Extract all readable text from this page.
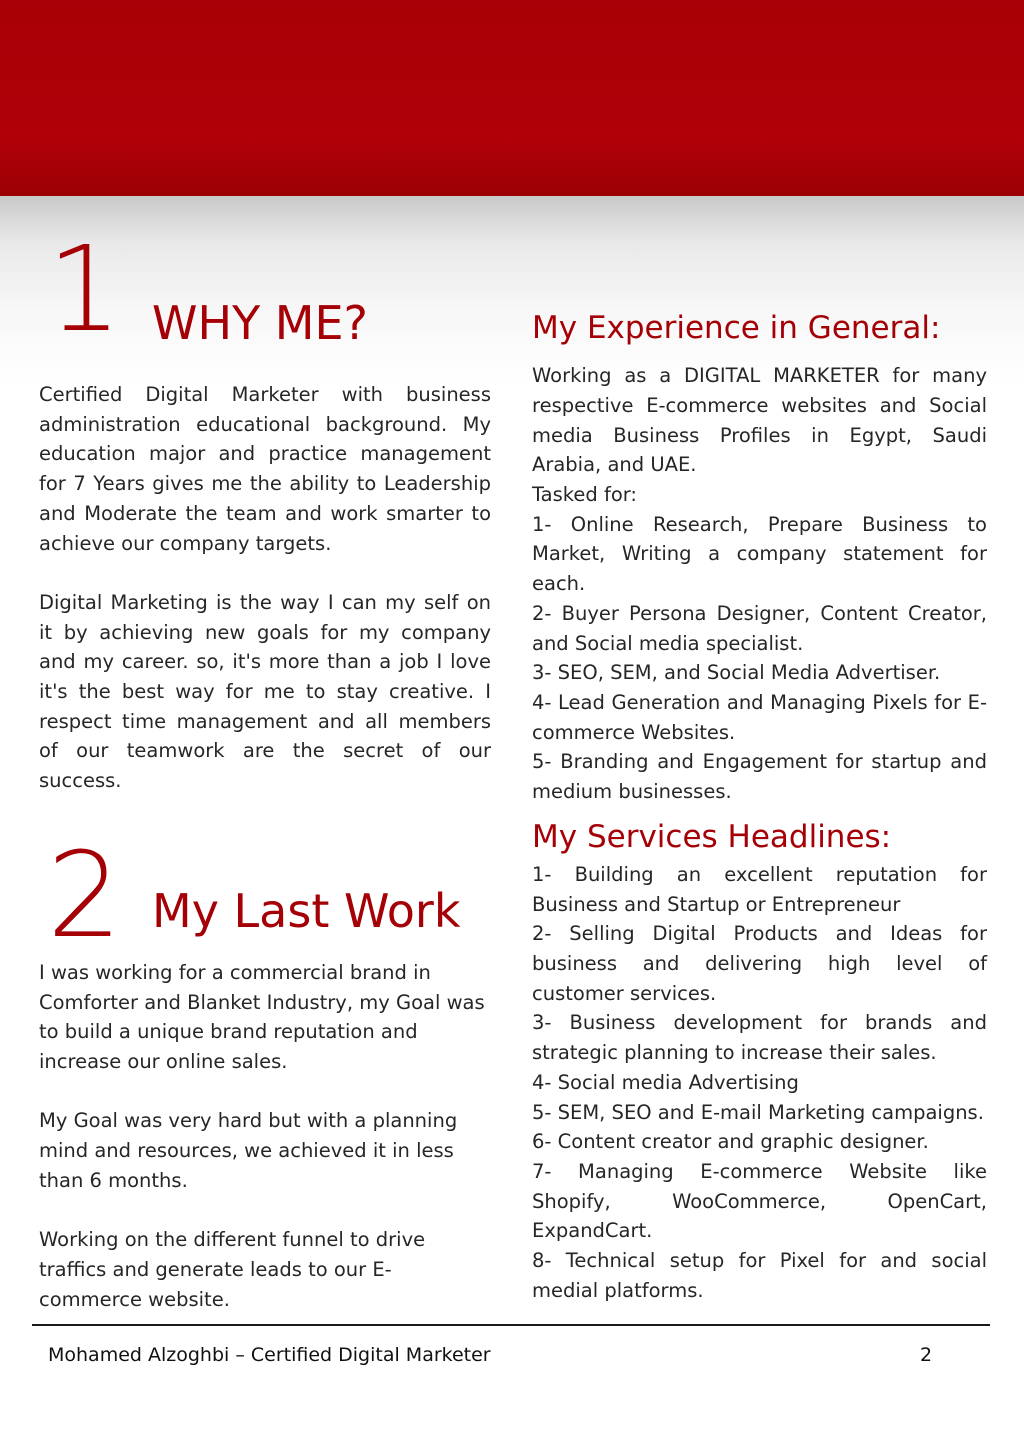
1 WHY ME?

Certified Digital Marketer with business administration educational background. My education major and practice management for 7 Years gives me the ability to Leadership and Moderate the team and work smarter to achieve our company targets.

Digital Marketing is the way I can my self on it by achieving new goals for my company and my career. so, it's more than a job I love it's the best way for me to stay creative. I respect time management and all members of our teamwork are the secret of our success.

2 My Last Work

I was working for a commercial brand in Comforter and Blanket Industry, my Goal was to build a unique brand reputation and increase our online sales.

My Goal was very hard but with a planning mind and resources, we achieved it in less than 6 months.

Working on the different funnel to drive traffics and generate leads to our E-commerce website.

My Experience in General:

Working as a DIGITAL MARKETER for many respective E-commerce websites and Social media Business Profiles in Egypt, Saudi Arabia, and UAE.

Tasked for:

1- Online Research, Prepare Business to Market, Writing a company statement for each.

2- Buyer Persona Designer, Content Creator, and Social media specialist.

3- SEO, SEM, and Social Media Advertiser.

4- Lead Generation and Managing Pixels for E-commerce Websites.

5- Branding and Engagement for startup and medium businesses.

My Services Headlines:

1- Building an excellent reputation for Business and Startup or Entrepreneur

2- Selling Digital Products and Ideas for business and delivering high level of customer services.

3- Business development for brands and strategic planning to increase their sales.

4- Social media Advertising

5- SEM, SEO and E-mail Marketing campaigns.

6- Content creator and graphic designer.

7- Managing E-commerce Website like Shopify, WooCommerce, OpenCart, ExpandCart.

8- Technical setup for Pixel for and social medial platforms.

Mohamed Alzoghbi – Certified Digital Marketer	2
